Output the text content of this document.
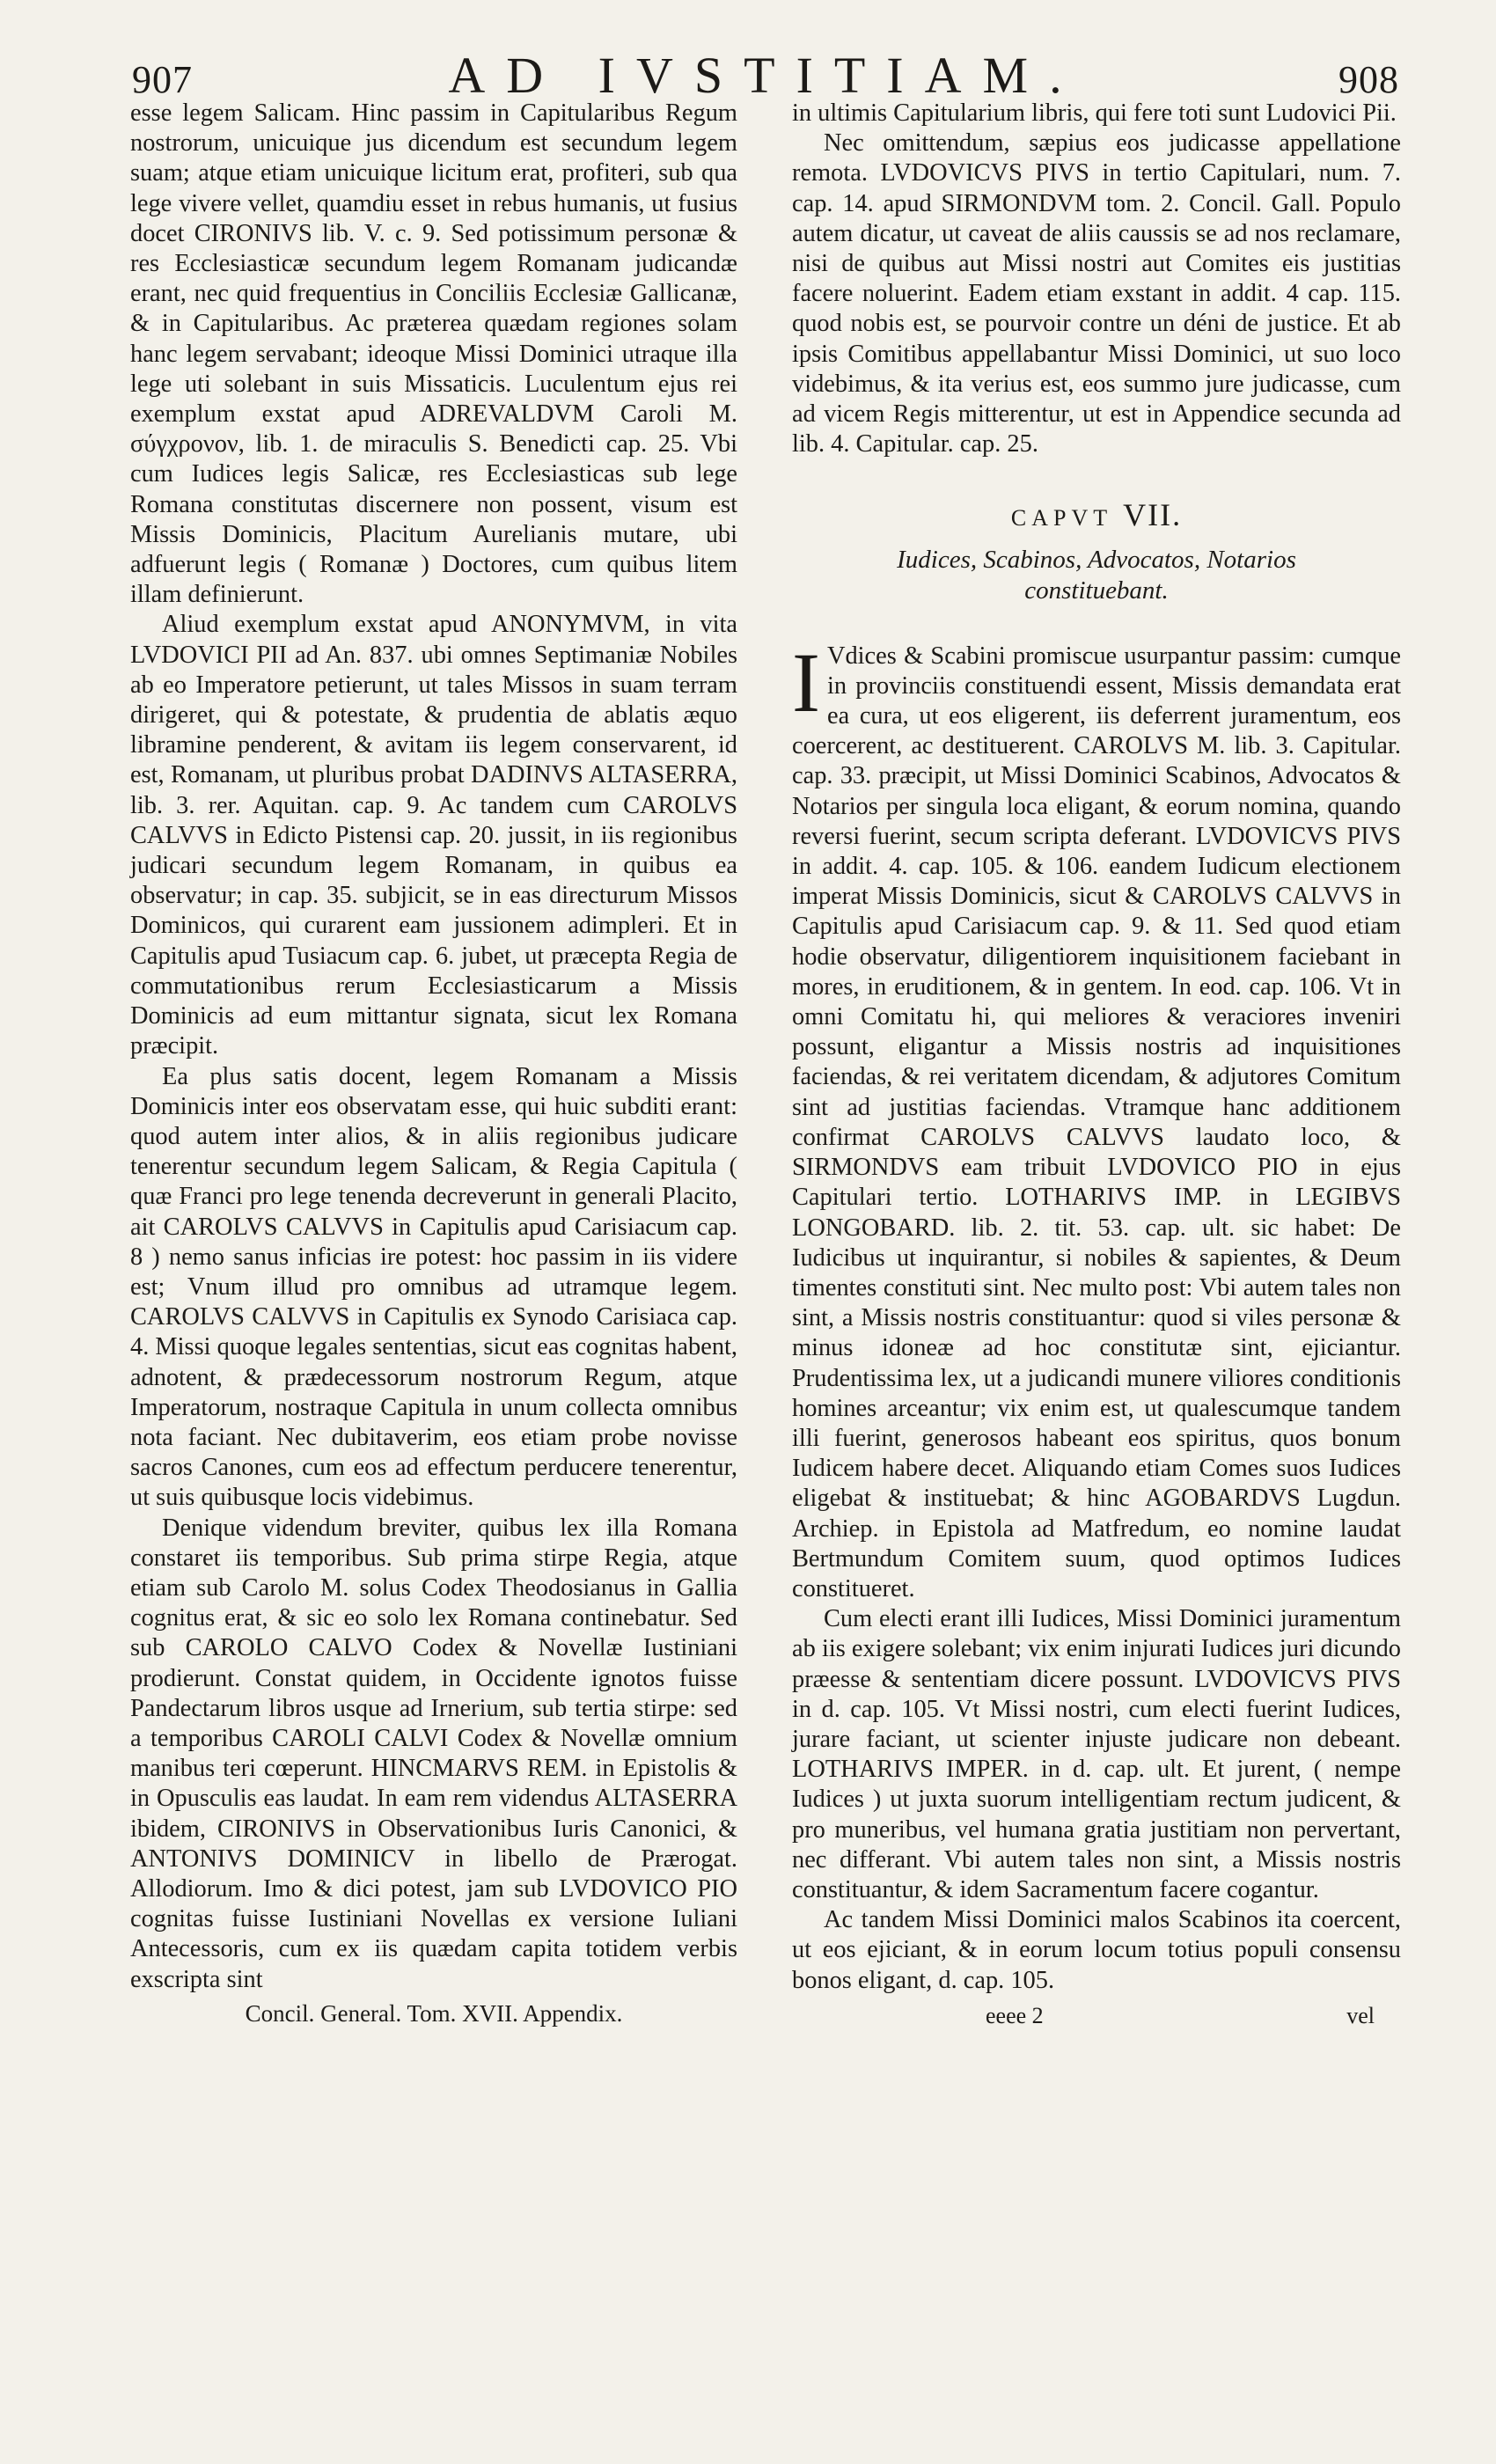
907	AD IVSTITIAM.	908

esse legem Salicam. Hinc passim in Capitularibus Regum nostrorum, unicuique jus dicendum est secundum legem suam; atque etiam unicuique licitum erat, profiteri, sub qua lege vivere vellet, quamdiu esset in rebus humanis, ut fusius docet CIRONIVS lib. V. c. 9. Sed potissimum personæ & res Ecclesiasticæ secundum legem Romanam judicandæ erant, nec quid frequentius in Conciliis Ecclesiæ Gallicanæ, & in Capitularibus. Ac præterea quædam regiones solam hanc legem servabant; ideoque Missi Dominici utraque illa lege uti solebant in suis Missaticis. Luculentum ejus rei exemplum exstat apud ADREVALDVM Caroli M. σύγχρονον, lib. 1. de miraculis S. Benedicti cap. 25. Vbi cum Iudices legis Salicæ, res Ecclesiasticas sub lege Romana constitutas discernere non possent, visum est Missis Dominicis, Placitum Aurelianis mutare, ubi adfuerunt legis ( Romanæ ) Doctores, cum quibus litem illam definierunt.

Aliud exemplum exstat apud ANONYMVM, in vita LVDOVICI PII ad An. 837. ubi omnes Septimaniæ Nobiles ab eo Imperatore petierunt, ut tales Missos in suam terram dirigeret, qui & potestate, & prudentia de ablatis æquo libramine penderent, & avitam iis legem conservarent, id est, Romanam, ut pluribus probat DADINVS ALTASERRA, lib. 3. rer. Aquitan. cap. 9. Ac tandem cum CAROLVS CALVVS in Edicto Pistensi cap. 20. jussit, in iis regionibus judicari secundum legem Romanam, in quibus ea observatur; in cap. 35. subjicit, se in eas directurum Missos Dominicos, qui curarent eam jussionem adimpleri. Et in Capitulis apud Tusiacum cap. 6. jubet, ut præcepta Regia de commutationibus rerum Ecclesiasticarum a Missis Dominicis ad eum mittantur signata, sicut lex Romana præcipit.

Ea plus satis docent, legem Romanam a Missis Dominicis inter eos observatam esse, qui huic subditi erant: quod autem inter alios, & in aliis regionibus judicare tenerentur secundum legem Salicam, & Regia Capitula ( quæ Franci pro lege tenenda decreverunt in generali Placito, ait CAROLVS CALVVS in Capitulis apud Carisiacum cap. 8 ) nemo sanus inficias ire potest: hoc passim in iis videre est; Vnum illud pro omnibus ad utramque legem. CAROLVS CALVVS in Capitulis ex Synodo Carisiaca cap. 4. Missi quoque legales sententias, sicut eas cognitas habent, adnotent, & prædecessorum nostrorum Regum, atque Imperatorum, nostraque Capitula in unum collecta omnibus nota faciant. Nec dubitaverim, eos etiam probe novisse sacros Canones, cum eos ad effectum perducere tenerentur, ut suis quibusque locis videbimus.

Denique videndum breviter, quibus lex illa Romana constaret iis temporibus. Sub prima stirpe Regia, atque etiam sub Carolo M. solus Codex Theodosianus in Gallia cognitus erat, & sic eo solo lex Romana continebatur. Sed sub CAROLO CALVO Codex & Novellæ Iustiniani prodierunt. Constat quidem, in Occidente ignotos fuisse Pandectarum libros usque ad Irnerium, sub tertia stirpe: sed a temporibus CAROLI CALVI Codex & Novellæ omnium manibus teri cœperunt. HINCMARVS REM. in Epistolis & in Opusculis eas laudat. In eam rem videndus ALTASERRA ibidem, CIRONIVS in Observationibus Iuris Canonici, & ANTONIVS DOMINICV in libello de Prærogat. Allodiorum. Imo & dici potest, jam sub LVDOVICO PIO cognitas fuisse Iustiniani Novellas ex versione Iuliani Antecessoris, cum ex iis quædam capita totidem verbis exscripta sint

Concil. General. Tom. XVII. Appendix.

in ultimis Capitularium libris, qui fere toti sunt Ludovici Pii.

Nec omittendum, sæpius eos judicasse appellatione remota. LVDOVICVS PIVS in tertio Capitulari, num. 7. cap. 14. apud SIRMONDVM tom. 2. Concil. Gall. Populo autem dicatur, ut caveat de aliis caussis se ad nos reclamare, nisi de quibus aut Missi nostri aut Comites eis justitias facere noluerint. Eadem etiam exstant in addit. 4 cap. 115. quod nobis est, se pourvoir contre un déni de justice. Et ab ipsis Comitibus appellabantur Missi Dominici, ut suo loco videbimus, & ita verius est, eos summo jure judicasse, cum ad vicem Regis mitterentur, ut est in Appendice secunda ad lib. 4. Capitular. cap. 25.

CAPVT VII.
Iudices, Scabinos, Advocatos, Notarios constituebant.

I Vdices & Scabini promiscue usurpantur passim: cumque in provinciis constituendi essent, Missis demandata erat ea cura, ut eos eligerent, iis deferrent juramentum, eos coercerent, ac destituerent. CAROLVS M. lib. 3. Capitular. cap. 33. præcipit, ut Missi Dominici Scabinos, Advocatos & Notarios per singula loca eligant, & eorum nomina, quando reversi fuerint, secum scripta deferant. LVDOVICVS PIVS in addit. 4. cap. 105. & 106. eandem Iudicum electionem imperat Missis Dominicis, sicut & CAROLVS CALVVS in Capitulis apud Carisiacum cap. 9. & 11. Sed quod etiam hodie observatur, diligentiorem inquisitionem faciebant in mores, in eruditionem, & in gentem. In eod. cap. 106. Vt in omni Comitatu hi, qui meliores & veraciores inveniri possunt, eligantur a Missis nostris ad inquisitiones faciendas, & rei veritatem dicendam, & adjutores Comitum sint ad justitias faciendas. Vtramque hanc additionem confirmat CAROLVS CALVVS laudato loco, & SIRMONDVS eam tribuit LVDOVICO PIO in ejus Capitulari tertio. LOTHARIVS IMP. in LEGIBVS LONGOBARD. lib. 2. tit. 53. cap. ult. sic habet: De Iudicibus ut inquirantur, si nobiles & sapientes, & Deum timentes constituti sint. Nec multo post: Vbi autem tales non sint, a Missis nostris constituantur: quod si viles personæ & minus idoneæ ad hoc constitutæ sint, ejiciantur. Prudentissima lex, ut a judicandi munere viliores conditionis homines arceantur; vix enim est, ut qualescumque tandem illi fuerint, generosos habeant eos spiritus, quos bonum Iudicem habere decet. Aliquando etiam Comes suos Iudices eligebat & instituebat; & hinc AGOBARDVS Lugdun. Archiep. in Epistola ad Matfredum, eo nomine laudat Bertmundum Comitem suum, quod optimos Iudices constitueret.

Cum electi erant illi Iudices, Missi Dominici juramentum ab iis exigere solebant; vix enim injurati Iudices juri dicundo præesse & sententiam dicere possunt. LVDOVICVS PIVS in d. cap. 105. Vt Missi nostri, cum electi fuerint Iudices, jurare faciant, ut scienter injuste judicare non debeant. LOTHARIVS IMPER. in d. cap. ult. Et jurent, ( nempe Iudices ) ut juxta suorum intelligentiam rectum judicent, & pro muneribus, vel humana gratia justitiam non pervertant, nec differant. Vbi autem tales non sint, a Missis nostris constituantur, & idem Sacramentum facere cogantur.

Ac tandem Missi Dominici malos Scabinos ita coercent, ut eos ejiciant, & in eorum locum totius populi consensu bonos eligant, d. cap. 105.

eeee 2	vel
